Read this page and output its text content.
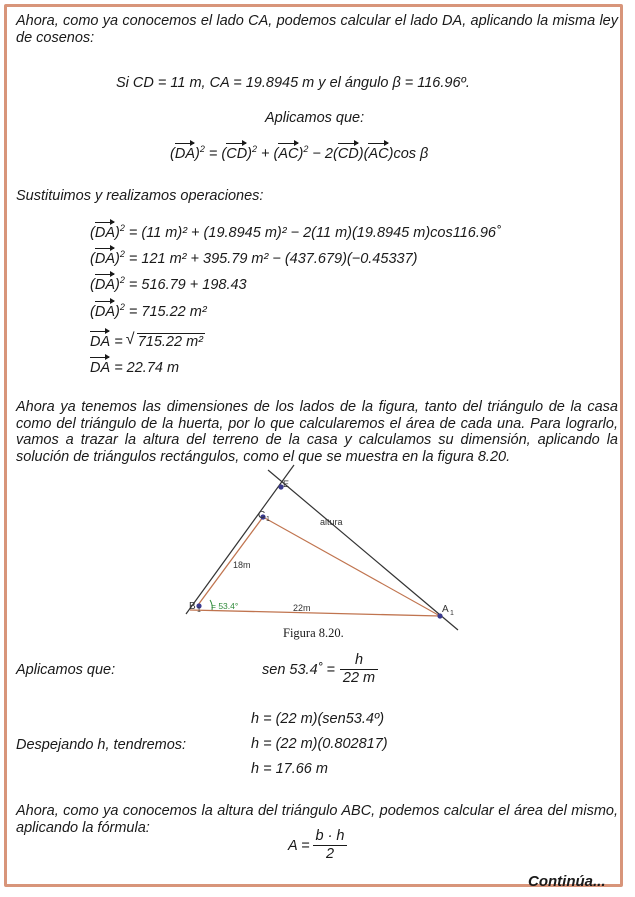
Ahora, como ya conocemos el lado CA, podemos calcular el lado DA, aplicando la misma ley de cosenos:
Si CD = 11 m, CA = 19.8945 m y el ángulo β = 116.96º.
Aplicamos que:
(DA)$^2$ = (CD)$^2$ + (AC)$^2$ − 2(CD)(AC)cos β
Sustituimos y realizamos operaciones:
(DA)$^2$ = (11 m)² + (19.8945 m)² − 2(11 m)(19.8945 m)cos116.96˚
(DA)$^2$ = 121 m² + 395.79 m² − (437.679)(−0.45337)
(DA)$^2$ = 516.79 + 198.43
(DA)$^2$ = 715.22 m²
DA = √ 715.22 m²
DA = 22.74 m
Ahora ya tenemos las dimensiones de los lados de la figura, tanto del triángulo de la casa como del triángulo de la huerta, por lo que calcularemos el área de cada una. Para lograrlo, vamos a trazar la altura del terreno de la casa y calculamos su dimensión, aplicando la solución de triángulos rectángulos, como el que se muestra en la figura 8.20.
E
C 1
B 1	A 1
altura
18m
22m
= 53.4°
Figura 8.20.
Aplicamos que:	sen 53.4˚ =
h
22 m
h = (22 m)(sen53.4º)
Despejando h, tendremos:	h = (22 m)(0.802817)
h = 17.66 m
Ahora, como ya conocemos la altura del triángulo ABC, podemos calcular el área del mismo, aplicando la fórmula:
A =
b · h
2
Continúa...
